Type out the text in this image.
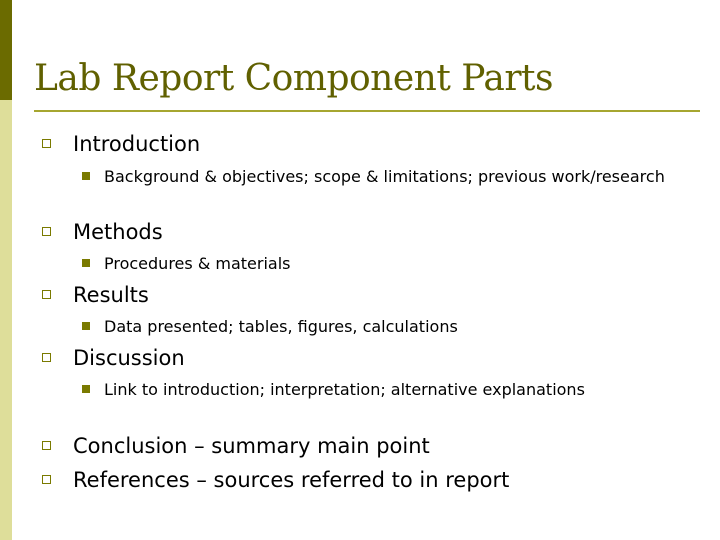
Lab Report Component Parts
Introduction
Background & objectives; scope & limitations; previous work/research
Methods
Procedures & materials
Results
Data presented; tables, figures, calculations
Discussion
Link to introduction; interpretation; alternative explanations
Conclusion – summary main point
References – sources referred to in report
